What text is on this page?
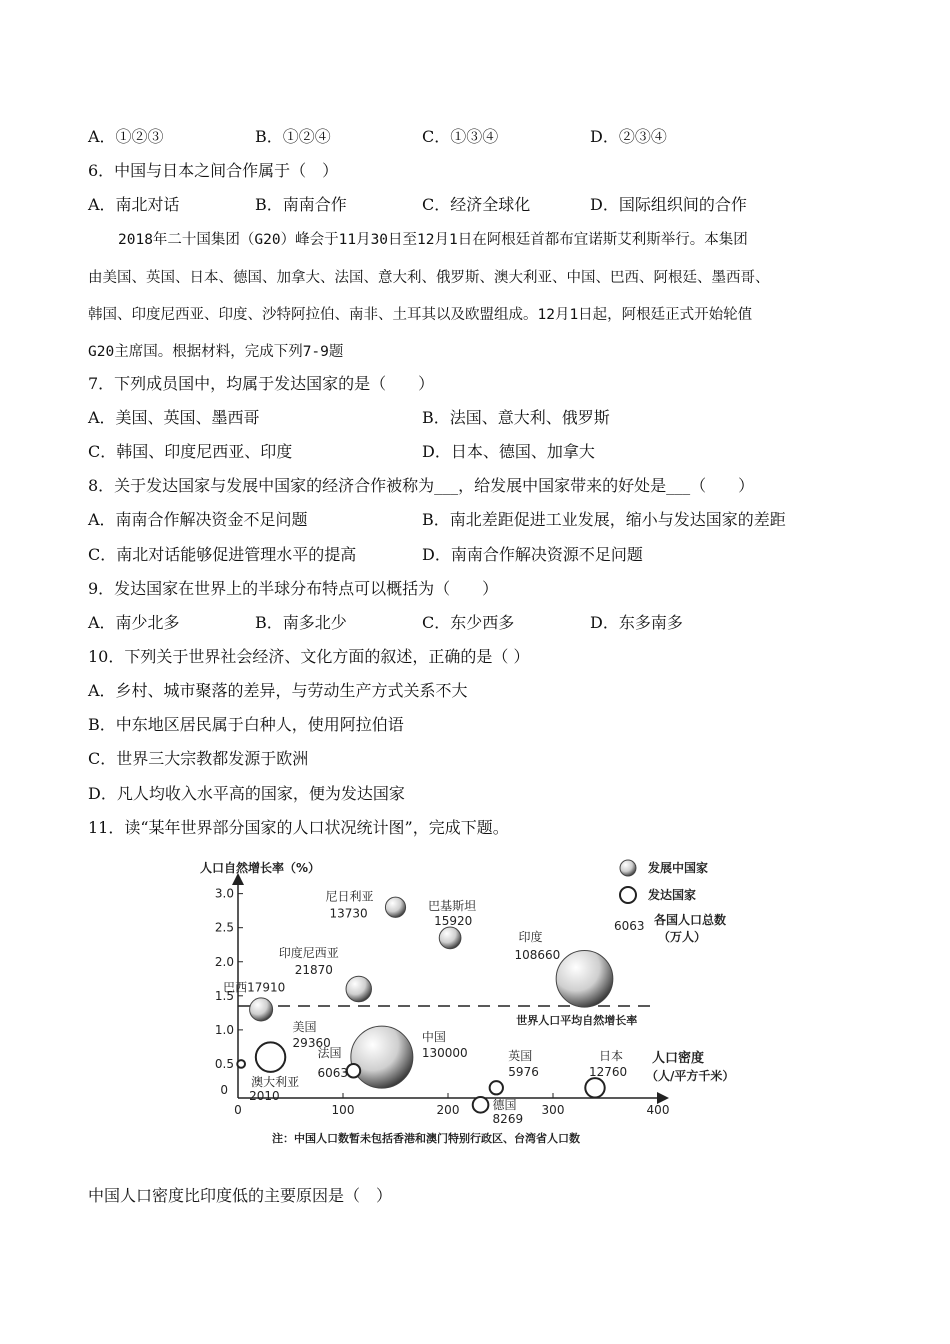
A．①②③	B．①②④	C．①③④	D．②③④
6．中国与日本之间合作属于（　）
A．南北对话	B．南南合作	C．经济全球化	D．国际组织间的合作
2018年二十国集团（G20）峰会于11月30日至12月1日在阿根廷首都布宜诺斯艾利斯举行。本集团
由美国、英国、日本、德国、加拿大、法国、意大利、俄罗斯、澳大利亚、中国、巴西、阿根廷、墨西哥、
韩国、印度尼西亚、印度、沙特阿拉伯、南非、土耳其以及欧盟组成。12月1日起，阿根廷正式开始轮值
G20主席国。根据材料，完成下列7-9题
7．下列成员国中，均属于发达国家的是（　　）
A．美国、英国、墨西哥	B．法国、意大利、俄罗斯
C．韩国、印度尼西亚、印度	D．日本、德国、加拿大
8．关于发达国家与发展中国家的经济合作被称为___，给发展中国家带来的好处是___（　　）
A．南南合作解决资金不足问题	B．南北差距促进工业发展，缩小与发达国家的差距
C．南北对话能够促进管理水平的提高	D．南南合作解决资源不足问题
9．发达国家在世界上的半球分布特点可以概括为（　　）
A．南少北多	B．南多北少	C．东少西多	D．东多南多
10．下列关于世界社会经济、文化方面的叙述，正确的是（ ）
A．乡村、城市聚落的差异，与劳动生产方式关系不大
B．中东地区居民属于白种人，使用阿拉伯语
C．世界三大宗教都发源于欧洲
D．凡人均收入水平高的国家，便为发达国家
11．读“某年世界部分国家的人口状况统计图”，完成下题。
0	100	200	300	400
0
0.5
1.0
1.5
2.0
2.5
3.0
世界人口平均自然增长率
尼日利亚
13730
巴基斯坦
15920
印度
108660
印度尼西亚
21870
巴西17910
中国
130000
美国
29360
澳大利亚
2010
法国
6063
英国
5976
日本
12760
德国
8269
人口自然增长率（%）
人口密度
（人/平方千米）
发展中国家
发达国家
6063 各国人口总数
（万人）
注：中国人口数暂未包括香港和澳门特别行政区、台湾省人口数
中国人口密度比印度低的主要原因是（　）
